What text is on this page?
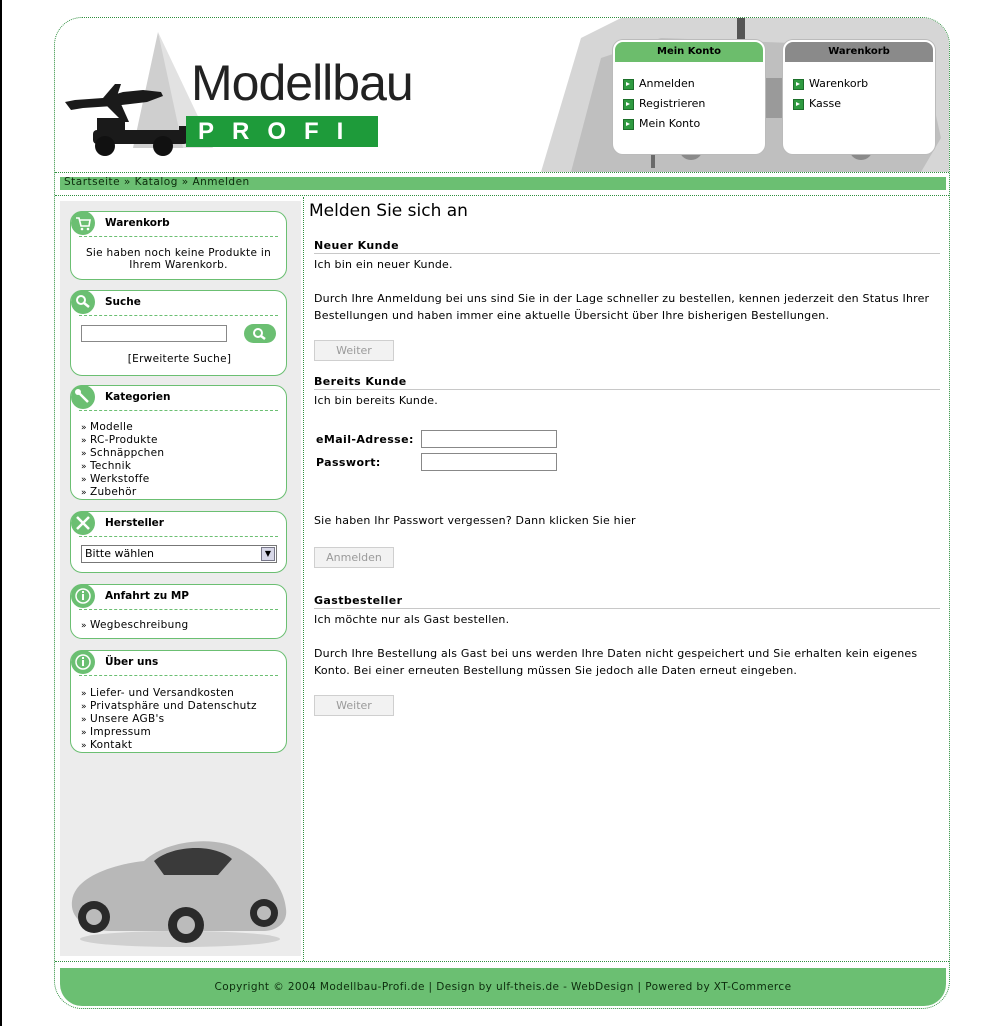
Modellbau
PROFI
Mein Konto
Anmelden
Registrieren
Mein Konto
Warenkorb
Warenkorb
Kasse
Startseite » Katalog » Anmelden
Warenkorb
Sie haben noch keine Produkte in Ihrem Warenkorb.
Suche
[Erweiterte Suche]
Kategorien
» Modelle
» RC-Produkte
» Schnäppchen
» Technik
» Werkstoffe
» Zubehör
Hersteller
Bitte wählen	▼
Anfahrt zu MP
» Wegbeschreibung
Über uns
» Liefer- und Versandkosten
» Privatsphäre und Datenschutz
» Unsere AGB's
» Impressum
» Kontakt
Melden Sie sich an
Neuer Kunde
Ich bin ein neuer Kunde.
Durch Ihre Anmeldung bei uns sind Sie in der Lage schneller zu bestellen, kennen jederzeit den Status Ihrer Bestellungen und haben immer eine aktuelle Übersicht über Ihre bisherigen Bestellungen.
Weiter
Bereits Kunde
Ich bin bereits Kunde.
eMail-Adresse:
Passwort:
Sie haben Ihr Passwort vergessen? Dann klicken Sie hier
Anmelden
Gastbesteller
Ich möchte nur als Gast bestellen.
Durch Ihre Bestellung als Gast bei uns werden Ihre Daten nicht gespeichert und Sie erhalten kein eigenes Konto. Bei einer erneuten Bestellung müssen Sie jedoch alle Daten erneut eingeben.
Weiter
Copyright © 2004 Modellbau-Profi.de | Design by ulf-theis.de - WebDesign | Powered by XT-Commerce
